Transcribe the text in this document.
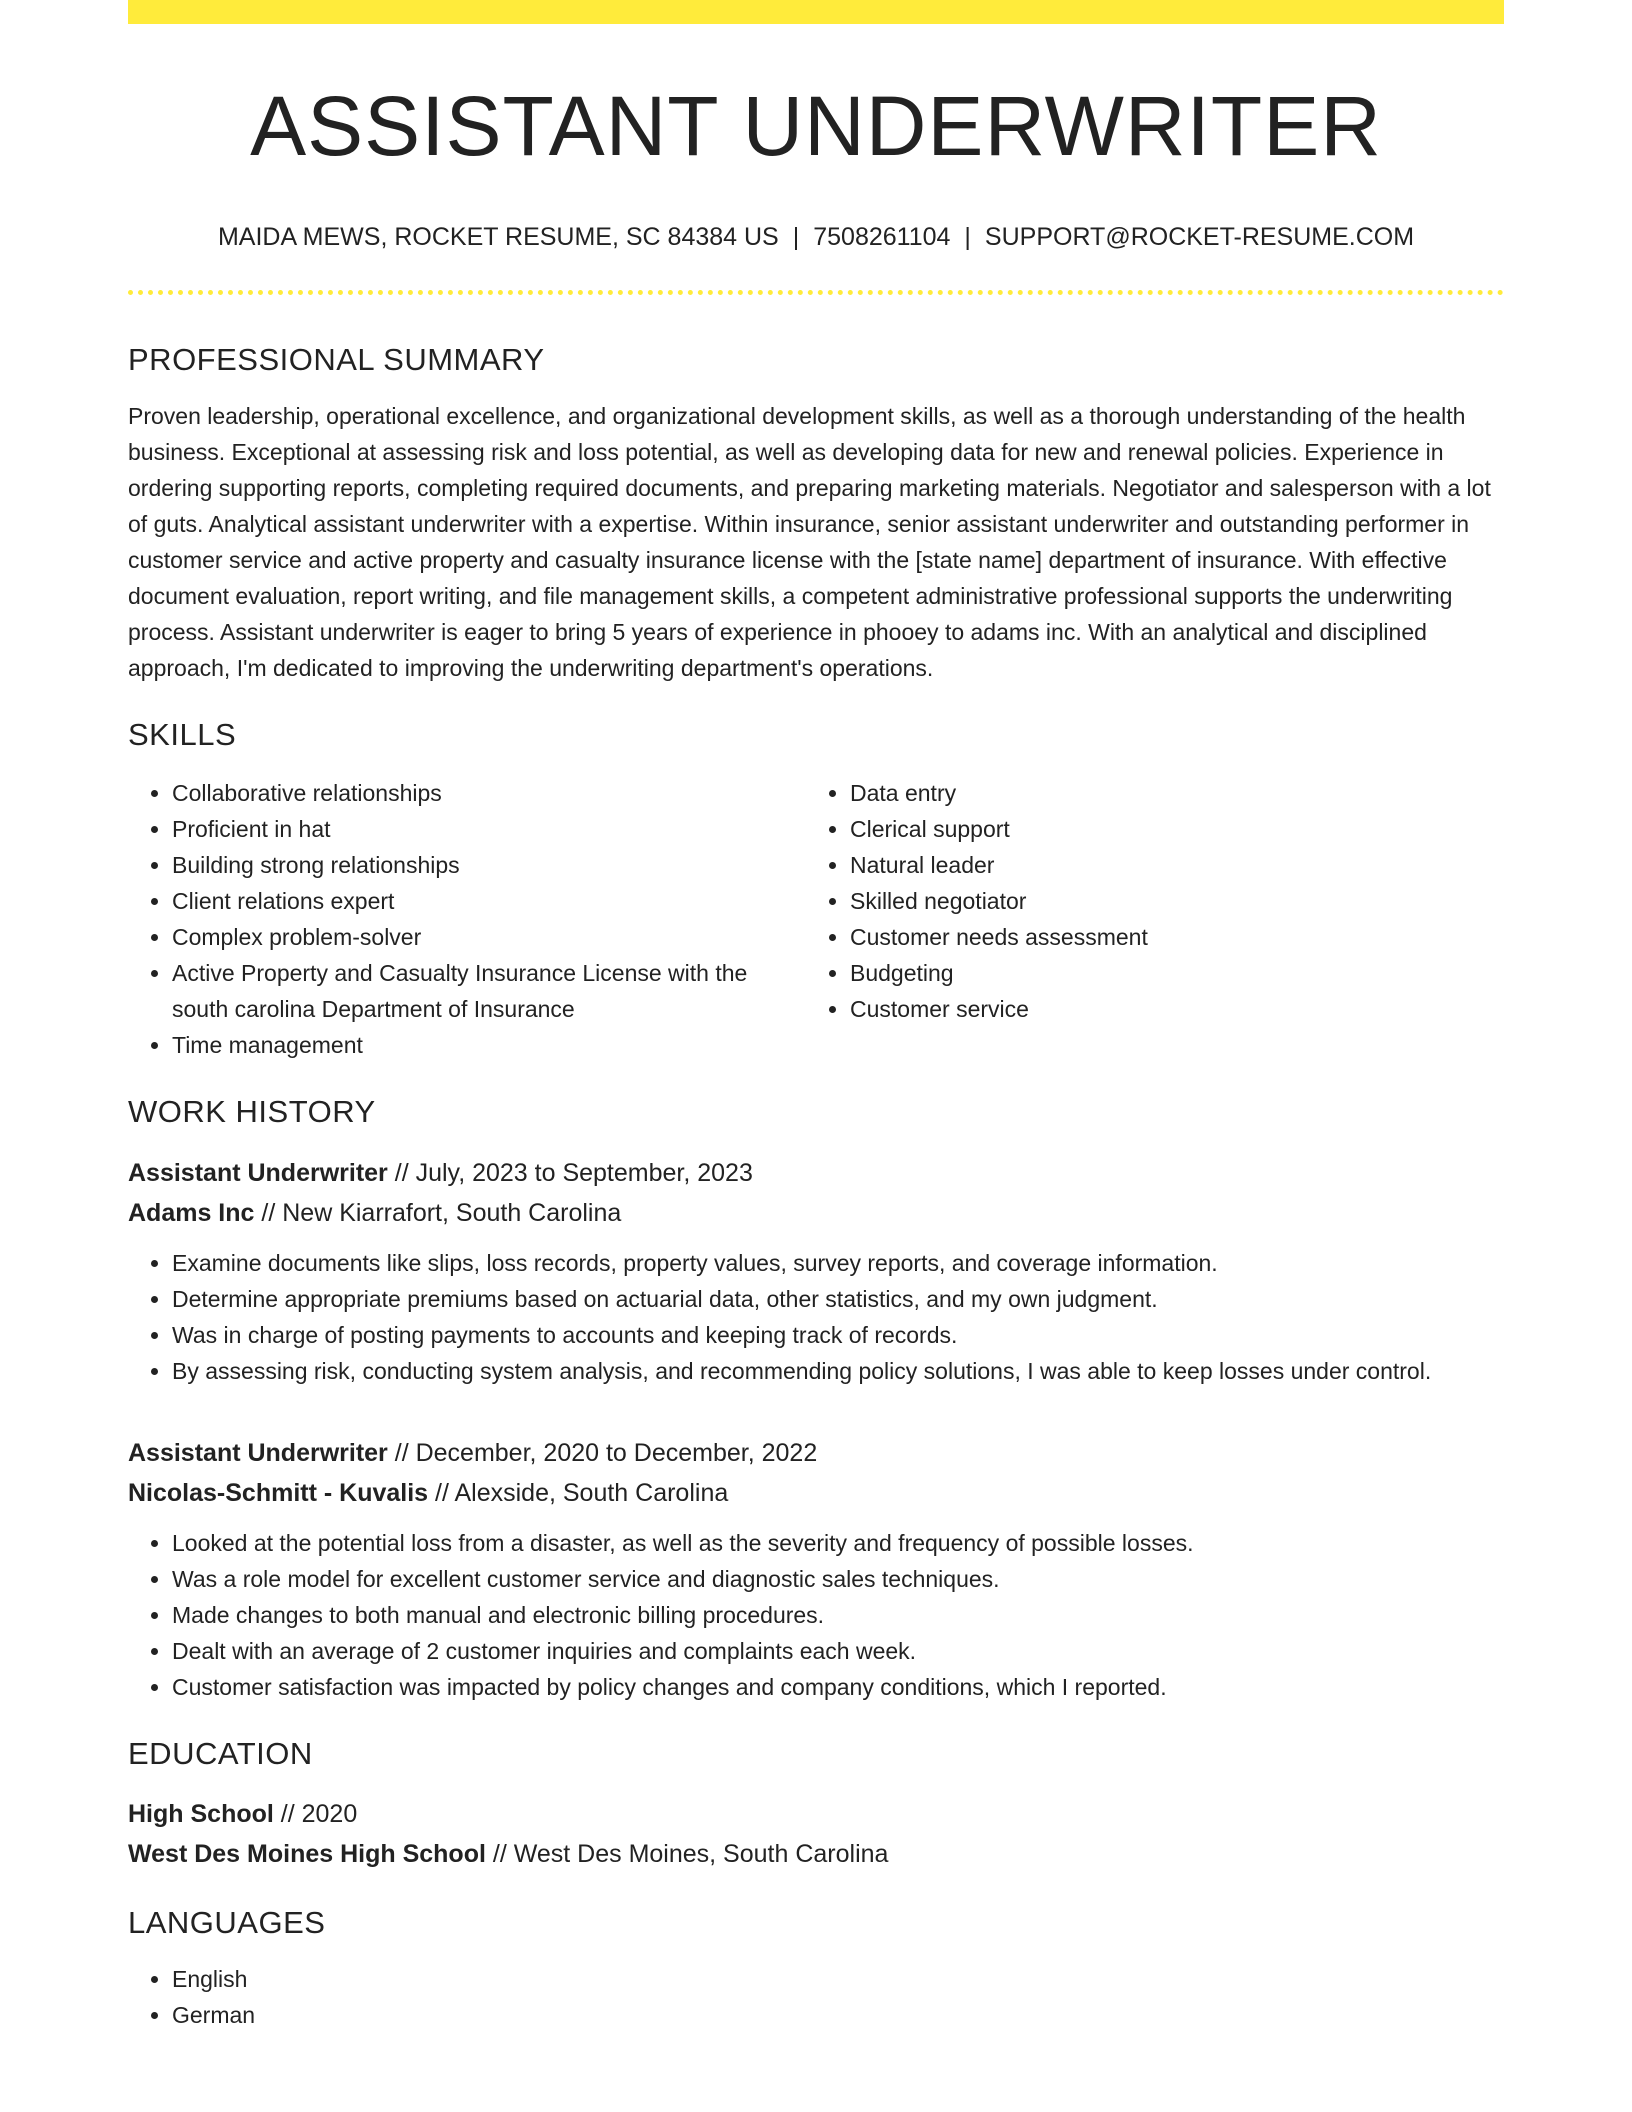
ASSISTANT UNDERWRITER
MAIDA MEWS, ROCKET RESUME, SC 84384 US | 7508261104 | SUPPORT@ROCKET-RESUME.COM
PROFESSIONAL SUMMARY
Proven leadership, operational excellence, and organizational development skills, as well as a thorough understanding of the health business. Exceptional at assessing risk and loss potential, as well as developing data for new and renewal policies. Experience in ordering supporting reports, completing required documents, and preparing marketing materials. Negotiator and salesperson with a lot of guts. Analytical assistant underwriter with a expertise. Within insurance, senior assistant underwriter and outstanding performer in customer service and active property and casualty insurance license with the [state name] department of insurance. With effective document evaluation, report writing, and file management skills, a competent administrative professional supports the underwriting process. Assistant underwriter is eager to bring 5 years of experience in phooey to adams inc. With an analytical and disciplined approach, I'm dedicated to improving the underwriting department's operations.
SKILLS
• Collaborative relationships
• Proficient in hat
• Building strong relationships
• Client relations expert
• Complex problem-solver
• Active Property and Casualty Insurance License with the south carolina Department of Insurance
• Time management
• Data entry
• Clerical support
• Natural leader
• Skilled negotiator
• Customer needs assessment
• Budgeting
• Customer service
WORK HISTORY
Assistant Underwriter // July, 2023 to September, 2023
Adams Inc // New Kiarrafort, South Carolina
• Examine documents like slips, loss records, property values, survey reports, and coverage information.
• Determine appropriate premiums based on actuarial data, other statistics, and my own judgment.
• Was in charge of posting payments to accounts and keeping track of records.
• By assessing risk, conducting system analysis, and recommending policy solutions, I was able to keep losses under control.
Assistant Underwriter // December, 2020 to December, 2022
Nicolas-Schmitt - Kuvalis // Alexside, South Carolina
• Looked at the potential loss from a disaster, as well as the severity and frequency of possible losses.
• Was a role model for excellent customer service and diagnostic sales techniques.
• Made changes to both manual and electronic billing procedures.
• Dealt with an average of 2 customer inquiries and complaints each week.
• Customer satisfaction was impacted by policy changes and company conditions, which I reported.
EDUCATION
High School // 2020
West Des Moines High School // West Des Moines, South Carolina
LANGUAGES
• English
• German
